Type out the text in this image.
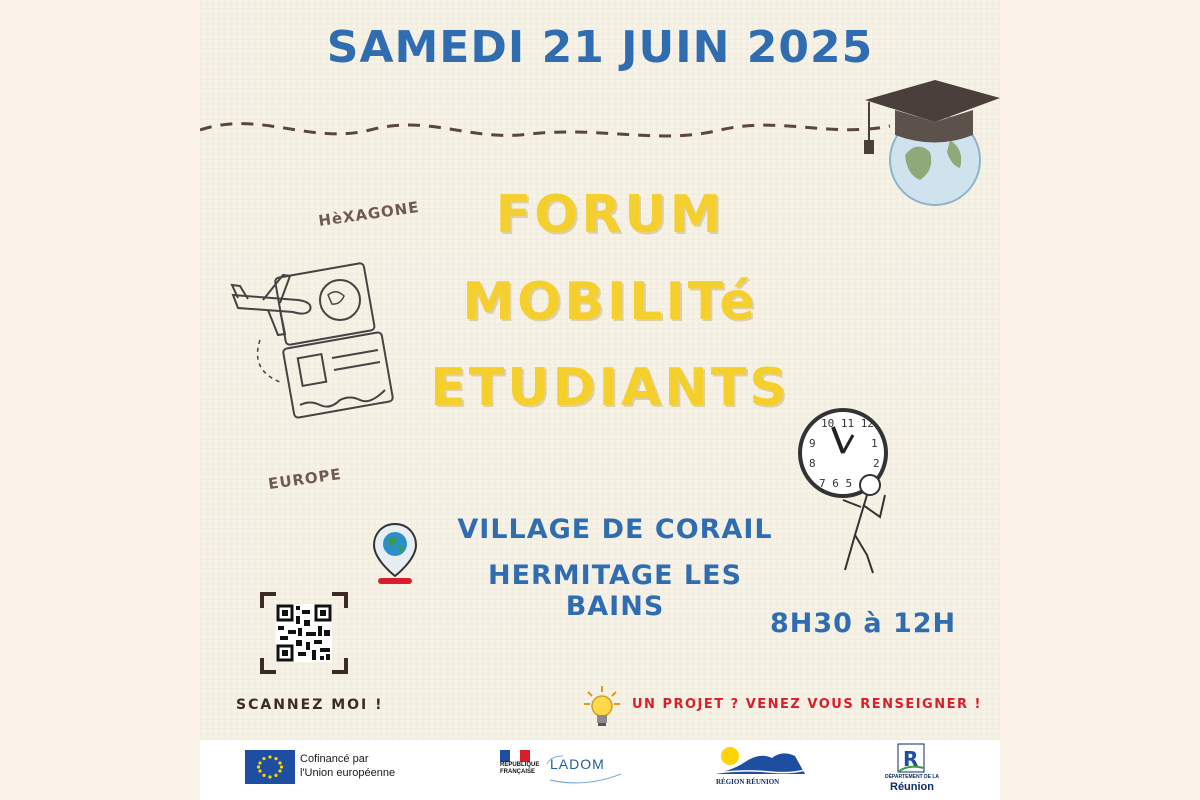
SAMEDI 21 JUIN 2025
HèXAGONE
EUROPE
FORUM
MOBILITé
ETUDIANTS
10 11 12
9	1
8	2
7 6 5
VILLAGE DE CORAIL
HERMITAGE LES BAINS
8H30 à 12H
SCANNEZ MOI !	UN PROJET ? VENEZ VOUS RENSEIGNER !
Cofinancé par
l'Union européenne
RÉPUBLIQUE
FRANÇAISE	LADOM
RÉGION RÉUNION
R
DÉPARTEMENT DE LA
Réunion
